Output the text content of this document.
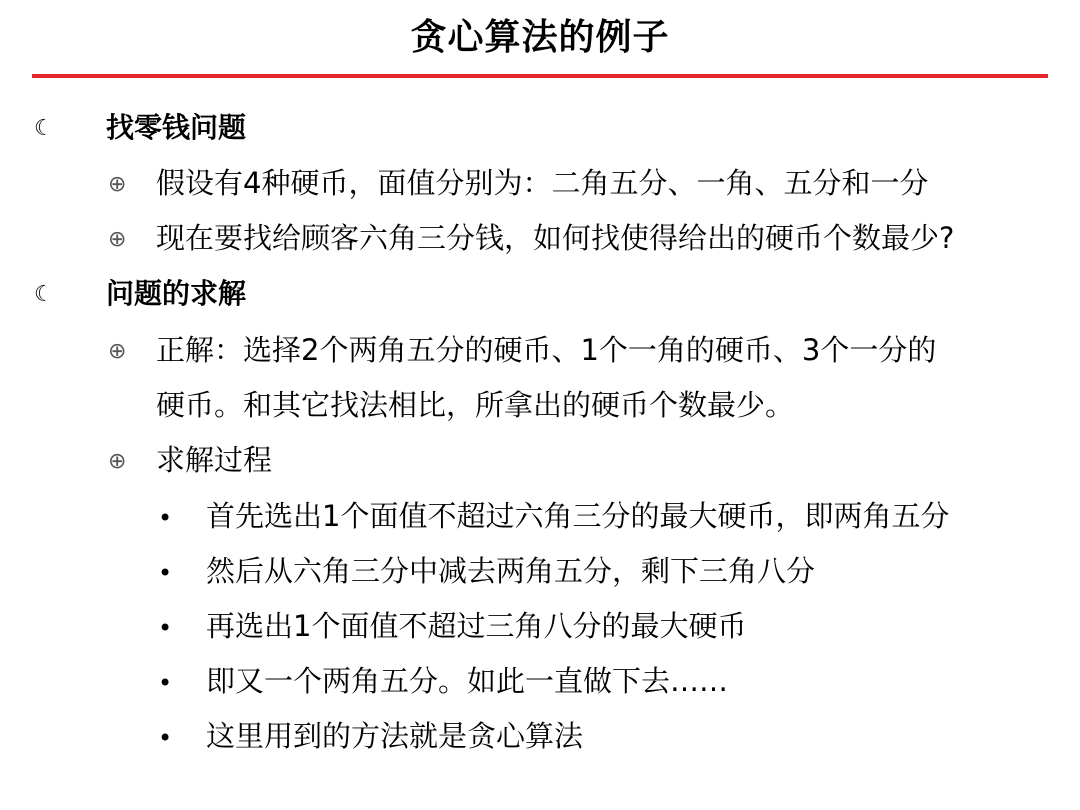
贪心算法的例子
☾ 找零钱问题
⊕ 假设有4种硬币，面值分别为：二角五分、一角、五分和一分
⊕ 现在要找给顾客六角三分钱，如何找使得给出的硬币个数最少?
☾ 问题的求解
⊕ 正解：选择2个两角五分的硬币、1个一角的硬币、3个一分的
硬币。和其它找法相比，所拿出的硬币个数最少。
⊕ 求解过程
• 首先选出1个面值不超过六角三分的最大硬币，即两角五分
• 然后从六角三分中减去两角五分，剩下三角八分
• 再选出1个面值不超过三角八分的最大硬币
• 即又一个两角五分。如此一直做下去……
• 这里用到的方法就是贪心算法
